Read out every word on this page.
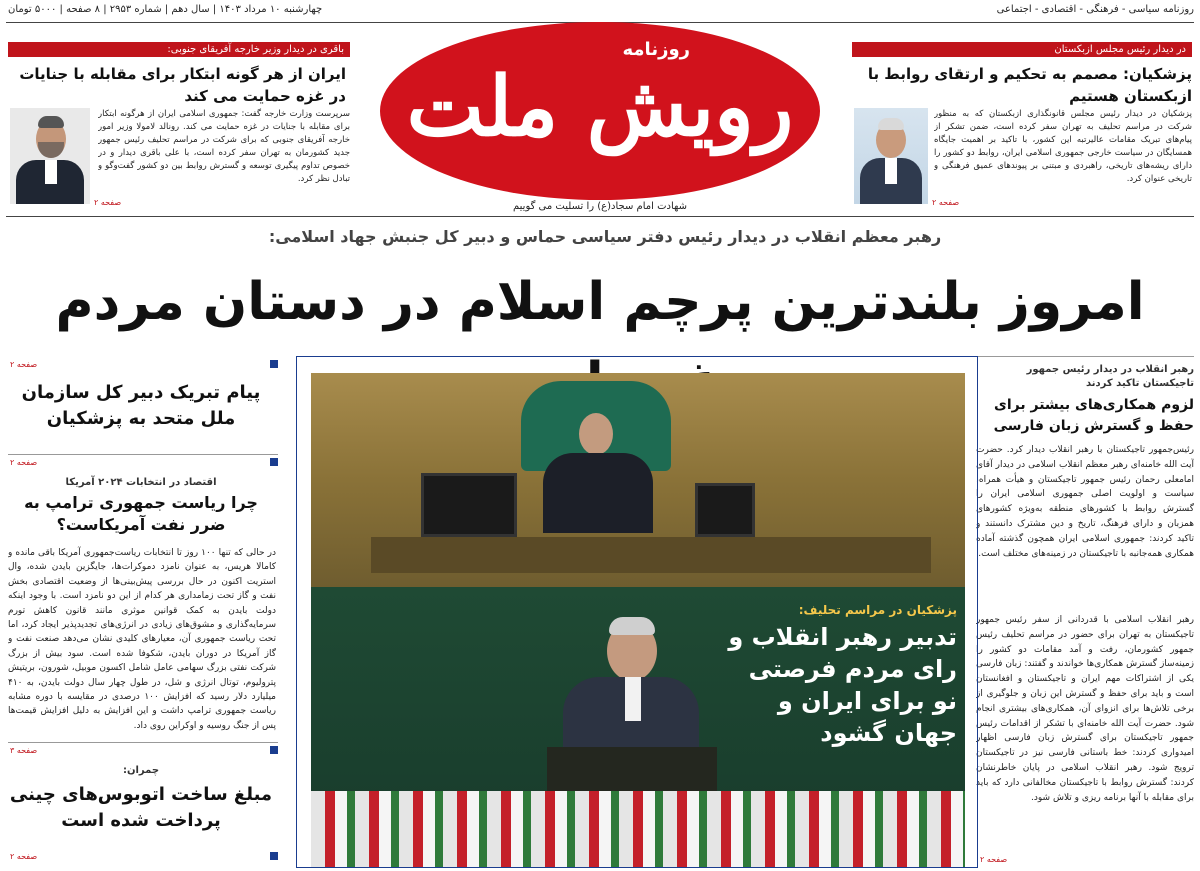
چهارشنبه ۱۰ مرداد ۱۴۰۳ | سال دهم | شماره ۲۹۵۳ | ۸ صفحه | ۵۰۰۰ تومان	روزنامه سیاسی - فرهنگی - اقتصادی - اجتماعی
رویش ملت
روزنامه
شهادت امام سجاد(ع) را تسلیت می گوییم
در دیدار رئیس مجلس ازبکستان
پزشکیان: مصمم به تحکیم و ارتقای روابط با ازبکستان هستیم
پزشکیان در دیدار رئیس مجلس قانونگذاری ازبکستان که به منظور شرکت در مراسم تحلیف به تهران سفر کرده است، ضمن تشکر از پیام‌های تبریک مقامات عالیرتبه این کشور، با تاکید بر اهمیت جایگاه همسایگان در سیاست خارجی جمهوری اسلامی ایران، روابط دو کشور را دارای ریشه‌های تاریخی، راهبردی و مبتنی بر پیوندهای عمیق فرهنگی و تاریخی عنوان کرد.
صفحه ۲
باقری در دیدار وزیر خارجه آفریقای جنوبی:
ایران از هر گونه ابتکار برای مقابله با جنایات در غزه حمایت می کند
سرپرست وزارت خارجه گفت: جمهوری اسلامی ایران از هرگونه ابتکار برای مقابله با جنایات در غزه حمایت می کند. رونالد لامولا وزیر امور خارجه آفریقای جنوبی که برای شرکت در مراسم تحلیف رئیس جمهور جدید کشورمان به تهران سفر کرده است، با علی باقری دیدار و در خصوص تداوم پیگیری توسعه و گسترش روابط بین دو کشور گفت‌وگو و تبادل نظر کرد.
صفحه ۲
رهبر معظم انقلاب در دیدار رئیس دفتر سیاسی حماس و دبیر کل جنبش جهاد اسلامی:
امروز بلندترین پرچم اسلام در دستان مردم
رهبر انقلاب در دیدار رئیس جمهور تاجیکستان تاکید کردند
لزوم همکاری‌های بیشتر برای حفظ و گسترش زبان فارسی
رئیس‌جمهور تاجیکستان با رهبر انقلاب دیدار کرد. حضرت آیت الله خامنه‌ای رهبر معظم انقلاب اسلامی در دیدار آقای امامعلی رحمان رئیس جمهور تاجیکستان و هیأت همراه، سیاست و اولویت اصلی جمهوری اسلامی ایران را گسترش روابط با کشورهای منطقه به‌ویژه کشورهای همزبان و دارای فرهنگ، تاریخ و دین مشترک دانستند و تاکید کردند: جمهوری اسلامی ایران همچون گذشته آماده همکاری همه‌جانبه با تاجیکستان در زمینه‌های مختلف است.
رهبر انقلاب اسلامی با قدردانی از سفر رئیس جمهور تاجیکستان به تهران برای حضور در مراسم تحلیف رئیس جمهور کشورمان، رفت و آمد مقامات دو کشور را زمینه‌ساز گسترش همکاری‌ها خواندند و گفتند: زبان فارسی یکی از اشتراکات مهم ایران و تاجیکستان و افغانستان است و باید برای حفظ و گسترش این زبان و جلوگیری از برخی تلاش‌ها برای انزوای آن، همکاری‌های بیشتری انجام شود. حضرت آیت الله خامنه‌ای با تشکر از اقدامات رئیس جمهور تاجیکستان برای گسترش زبان فارسی اظهار امیدواری کردند: خط باستانی فارسی نیز در تاجیکستان ترویج شود. رهبر انقلاب اسلامی در پایان خاطرنشان کردند: گسترش روابط با تاجیکستان مخالفانی دارد که باید برای مقابله با آنها برنامه ریزی و تلاش شود.
صفحه ۲
پزشکیان در مراسم تحلیف:
تدبیر رهبر انقلاب و رای مردم فرصتی نو برای ایران و جهان گشود
صفحه ۲
پیام تبریک دبیر کل سازمان ملل متحد به پزشکیان
صفحه ۲
اقتصاد در انتخابات ۲۰۲۴ آمریکا
چرا ریاست جمهوری ترامپ به ضرر نفت آمریکاست؟
در حالی که تنها ۱۰۰ روز تا انتخابات ریاست‌جمهوری آمریکا باقی مانده و کامالا هریس، به عنوان نامزد دموکرات‌ها، جایگزین بایدن شده، وال استریت اکنون در حال بررسی پیش‌بینی‌ها از وضعیت اقتصادی بخش نفت و گاز تحت زمامداری هر کدام از این دو نامزد است. با وجود اینکه دولت بایدن به کمک قوانین موثری مانند قانون کاهش تورم سرمایه‌گذاری و مشوق‌های زیادی در انرژی‌های تجدیدپذیر ایجاد کرد، اما تحت ریاست جمهوری آن، معیارهای کلیدی نشان می‌دهد صنعت نفت و گاز آمریکا در دوران بایدن، شکوفا شده است. سود بیش از بزرگ شرکت نفتی بزرگ سهامی عامل شامل اکسون موبیل، شورون، بریتیش پترولیوم، توتال انرژی و شل، در طول چهار سال دولت بایدن، به ۴۱۰ میلیارد دلار رسید که افزایش ۱۰۰ درصدی در مقایسه با دوره مشابه ریاست جمهوری ترامپ داشت و این افزایش به دلیل افزایش قیمت‌ها پس از جنگ روسیه و اوکراین روی داد.
صفحه ۳
چمران:
مبلغ ساخت اتوبوس‌های چینی پرداخت شده است
صفحه ۲
